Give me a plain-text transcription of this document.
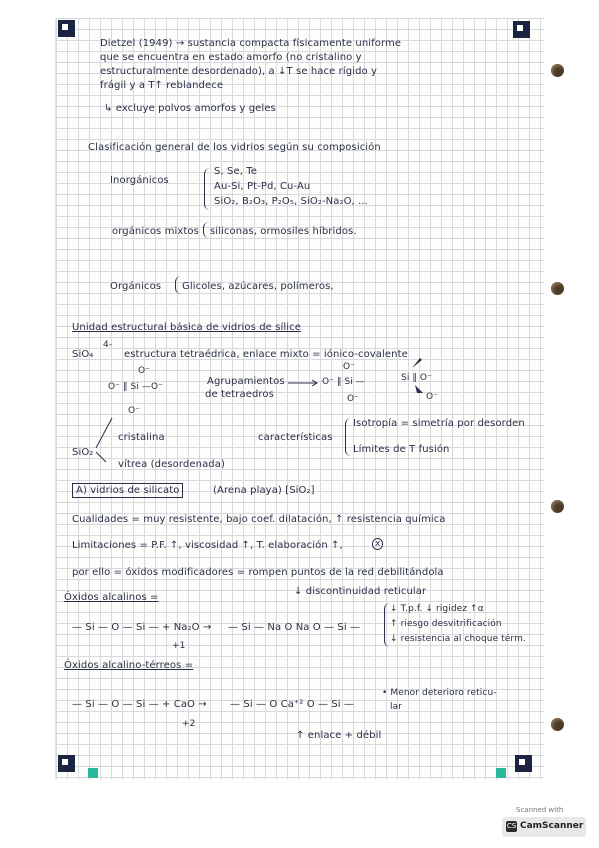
Dietzel (1949) → sustancia compacta físicamente uniforme
que se encuentra en estado amorfo (no cristalino y
estructuralmente desordenado), a ↓T se hace rígido y
frágil y a T↑ reblandece
↳ excluye polvos amorfos y geles
Clasificación general de los vidrios según su composición
Inorgánicos
S, Se, Te
Au-Si, Pt-Pd, Cu-Au
SiO₂, B₂O₃, P₂O₅, SiO₂-Na₂O, ...
orgánicos mixtos siliconas, ormosiles híbridos.
Orgánicos Glicoles, azúcares, polímeros,
Unidad estructural básica de vidrios de sílice
SiO₄
4-
estructura tetraédrica, enlace mixto = iónico-covalente
O⁻
O⁻ ‖ Si —O⁻
O⁻
Agrupamientos
de tetraedros
O⁻
O⁻ ‖ Si —
O⁻
Si ‖ O⁻
O⁻
cristalina
SiO₂
vítrea (desordenada)
características
Isotropía = simetría por desorden
Límites de T fusión
A) vidrios de silicato	(Arena playa) [SiO₂]
Cualidades = muy resistente, bajo coef. dilatación, ↑ resistencia química
Limitaciones = P.F. ↑, viscosidad ↑, T. elaboración ↑,	x
por ello = óxidos modificadores = rompen puntos de la red debilitándola
↓ discontinuidad reticular
Óxidos alcalinos =
— Si — O — Si — + Na₂O →
+1
— Si — Na O Na O — Si —
↓ T.p.f. ↓ rigidez ↑α
↑ riesgo desvitrificación
↓ resistencia al choque térm.
Óxidos alcalino-térreos =
— Si — O — Si — + CaO →
+2
— Si — O Ca⁺² O — Si —
• Menor deterioro reticu-
lar
↑ enlace + débil
Scanned with
CS CamScanner
